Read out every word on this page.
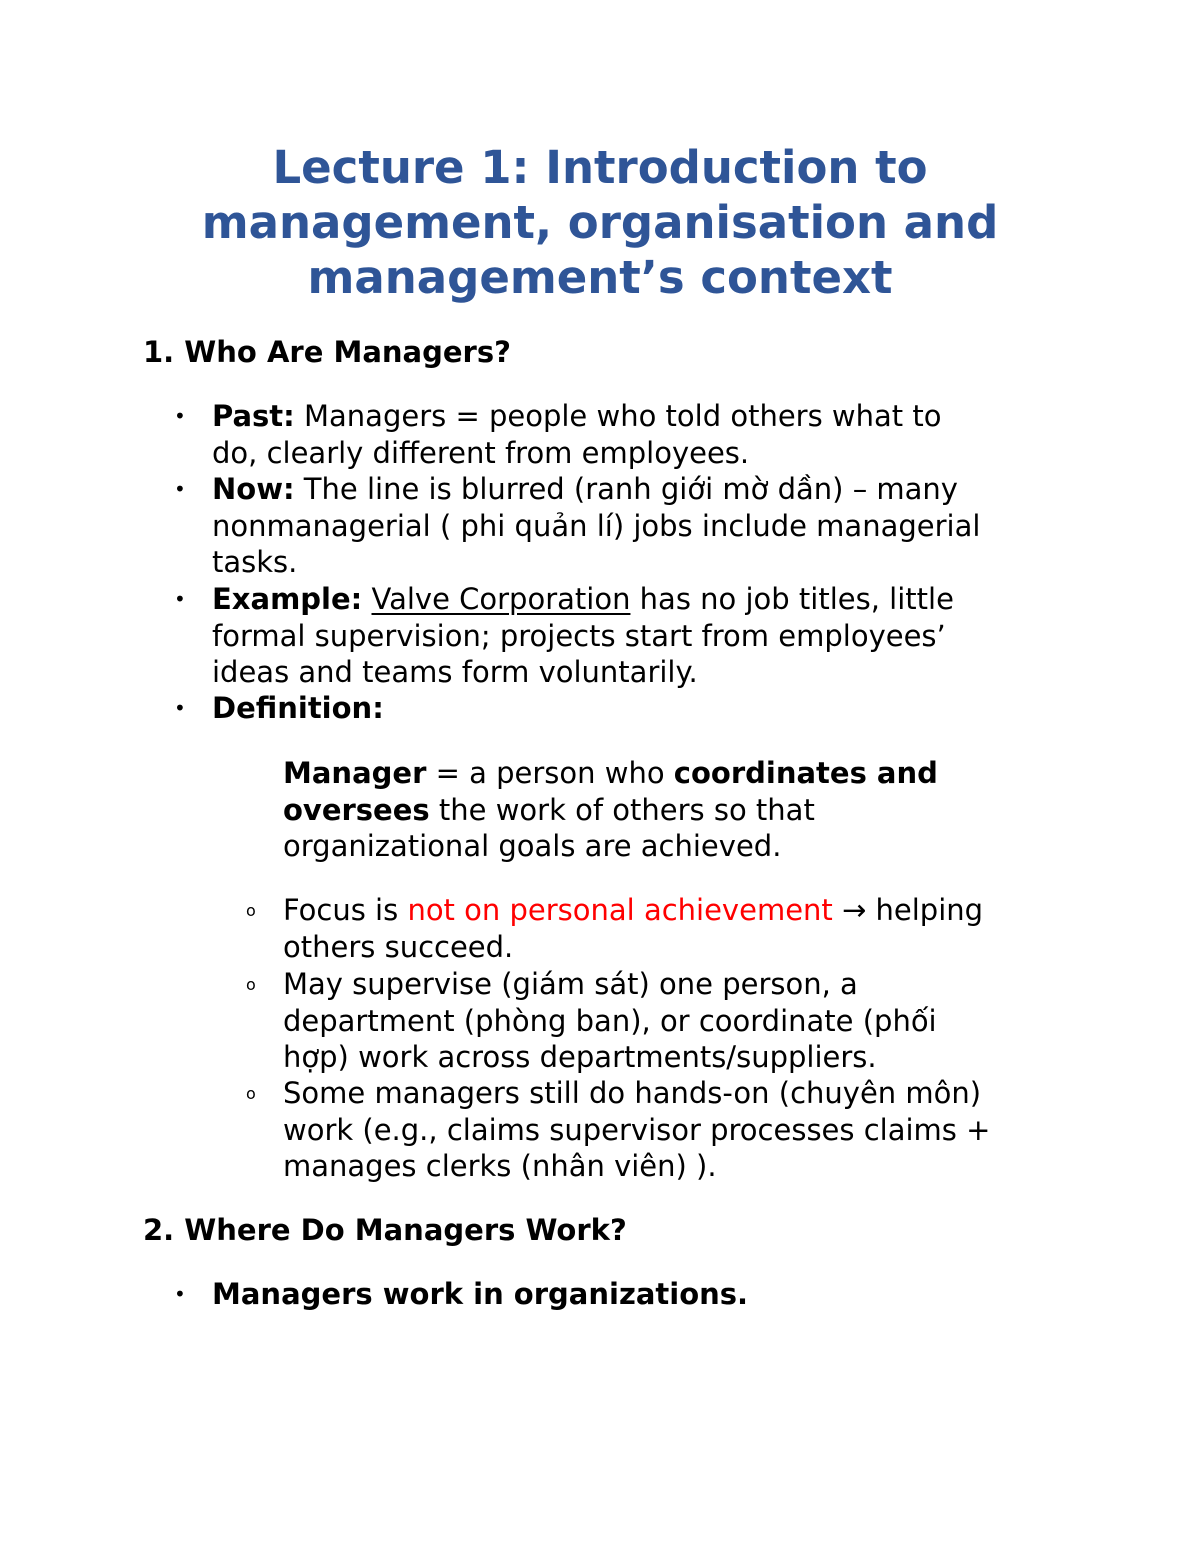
Lecture 1: Introduction to
management, organisation and
management’s context
1. Who Are Managers?
• Past: Managers = people who told others what to
do, clearly different from employees.
• Now: The line is blurred (ranh giới mờ dần) – many
nonmanagerial ( phi quản lí) jobs include managerial
tasks.
• Example: Valve Corporation has no job titles, little
formal supervision; projects start from employees’
ideas and teams form voluntarily.
• Definition:
Manager = a person who coordinates and
oversees the work of others so that
organizational goals are achieved.
o Focus is not on personal achievement → helping
others succeed.
o May supervise (giám sát) one person, a
department (phòng ban), or coordinate (phối
hợp) work across departments/suppliers.
o Some managers still do hands-on (chuyên môn)
work (e.g., claims supervisor processes claims +
manages clerks (nhân viên) ).
2. Where Do Managers Work?
• Managers work in organizations.
